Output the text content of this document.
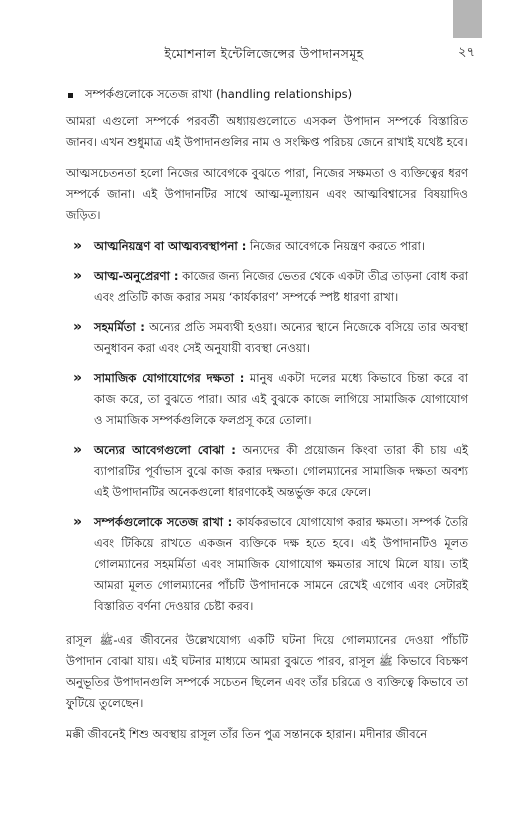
ইমোশনাল ইন্টেলিজেন্সের উপাদানসমূহ	২৭
সম্পর্কগুলোকে সতেজ রাখা (handling relationships)

আমরা এগুলো সম্পর্কে পরবর্তী অধ্যায়গুলোতে এসকল উপাদান সম্পর্কে বিস্তারিত জানব। এখন শুধুমাত্র এই উপাদানগুলির নাম ও সংক্ষিপ্ত পরিচয় জেনে রাখাই যথেষ্ট হবে।

আত্মসচেতনতা হলো নিজের আবেগকে বুঝতে পারা, নিজের সক্ষমতা ও ব্যক্তিত্বের ধরণ সম্পর্কে জানা। এই উপাদানটির সাথে আত্ম-মূল্যায়ন এবং আত্মবিশ্বাসের বিষয়াদিও জড়িত।

» আত্মনিয়ন্ত্রণ বা আত্মব্যবস্থাপনা : নিজের আবেগকে নিয়ন্ত্রণ করতে পারা।
» আত্ম-অনুপ্রেরণা : কাজের জন্য নিজের ভেতর থেকে একটা তীব্র তাড়না বোধ করা এবং প্রতিটি কাজ করার সময় ‘কার্যকারণ’ সম্পর্কে স্পষ্ট ধারণা রাখা।
» সহমর্মিতা : অন্যের প্রতি সমব্যথী হওয়া। অন্যের স্থানে নিজেকে বসিয়ে তার অবস্থা অনুধাবন করা এবং সেই অনুযায়ী ব্যবস্থা নেওয়া।
» সামাজিক যোগাযোগের দক্ষতা : মানুষ একটা দলের মধ্যে কিভাবে চিন্তা করে বা কাজ করে, তা বুঝতে পারা। আর এই বুঝকে কাজে লাগিয়ে সামাজিক যোগাযোগ ও সামাজিক সম্পর্কগুলিকে ফলপ্রসূ করে তোলা।
» অন্যের আবেগগুলো বোঝা : অন্যদের কী প্রয়োজন কিংবা তারা কী চায় এই ব্যাপারটির পূর্বাভাস বুঝে কাজ করার দক্ষতা। গোলম্যানের সামাজিক দক্ষতা অবশ্য এই উপাদানটির অনেকগুলো ধারণাকেই অন্তর্ভুক্ত করে ফেলে।
» সম্পর্কগুলোকে সতেজ রাখা : কার্যকরভাবে যোগাযোগ করার ক্ষমতা। সম্পর্ক তৈরি এবং টিকিয়ে রাখতে একজন ব্যক্তিকে দক্ষ হতে হবে। এই উপাদানটিও মূলত গোলম্যানের সহমর্মিতা এবং সামাজিক যোগাযোগ ক্ষমতার সাথে মিলে যায়। তাই আমরা মূলত গোলম্যানের পাঁচটি উপাদানকে সামনে রেখেই এগোব এবং সেটারই বিস্তারিত বর্ণনা দেওয়ার চেষ্টা করব।

রাসূল ﷺ-এর জীবনের উল্লেখযোগ্য একটি ঘটনা দিয়ে গোলম্যানের দেওয়া পাঁচটি উপাদান বোঝা যায়। এই ঘটনার মাধ্যমে আমরা বুঝতে পারব, রাসূল ﷺ কিভাবে বিচক্ষণ অনুভূতির উপাদানগুলি সম্পর্কে সচেতন ছিলেন এবং তাঁর চরিত্রে ও ব্যক্তিত্বে কিভাবে তা ফুটিয়ে তুলেছেন।

মক্কী জীবনেই শিশু অবস্থায় রাসূল তাঁর তিন পুত্র সন্তানকে হারান। মদীনার জীবনে
